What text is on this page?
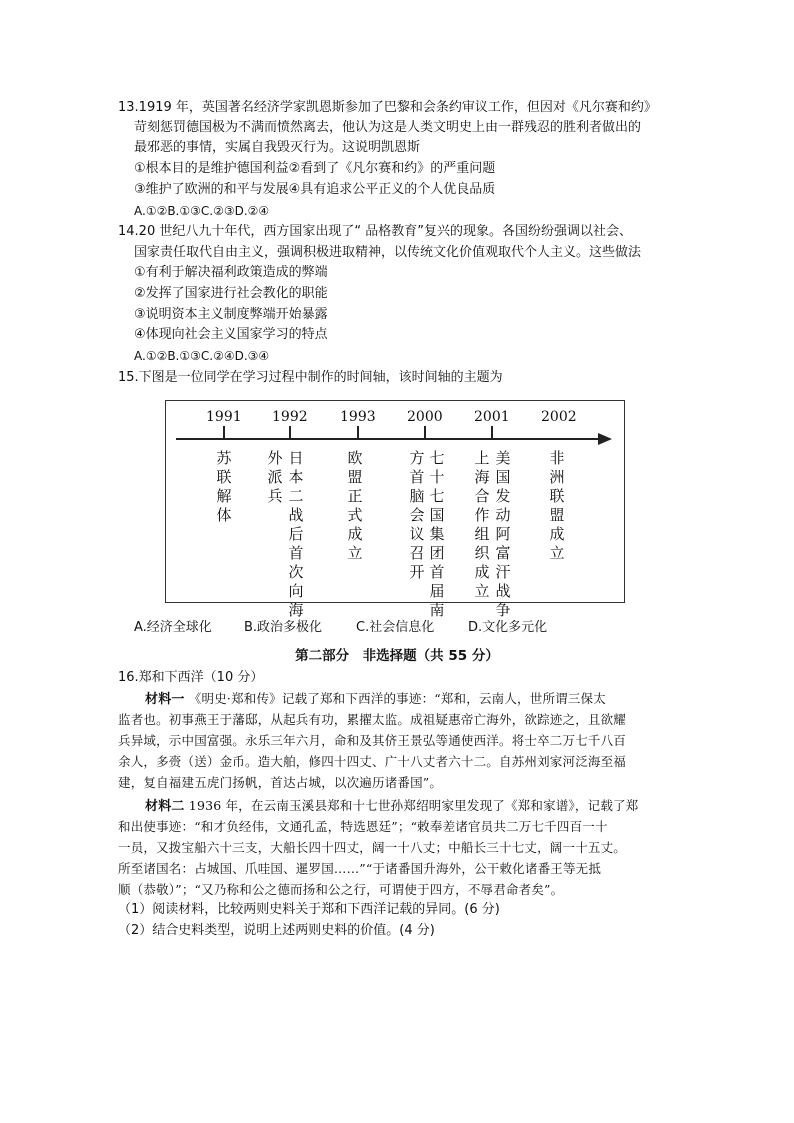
13.1919 年，英国著名经济学家凯恩斯参加了巴黎和会条约审议工作，但因对《凡尔赛和约》
苛刻惩罚德国极为不满而愤然离去，他认为这是人类文明史上由一群残忍的胜利者做出的
最邪恶的事情，实属自我毁灭行为。这说明凯恩斯
①根本目的是维护德国利益②看到了《凡尔赛和约》的严重问题
③维护了欧洲的和平与发展④具有追求公平正义的个人优良品质
A.①②B.①③C.②③D.②④
14.20 世纪八九十年代，西方国家出现了“ 品格教育”复兴的现象。各国纷纷强调以社会、
国家责任取代自由主义，强调积极进取精神，以传统文化价值观取代个人主义。这些做法
①有利于解决福利政策造成的弊端
②发挥了国家进行社会教化的职能
③说明资本主义制度弊端开始暴露
④体现向社会主义国家学习的特点
A.①②B.①③C.②④D.③④
15.下图是一位同学在学习过程中制作的时间轴，该时间轴的主题为
1991 1992 1993 2000 2001 2002
苏联解体
外派兵
日本二战后首次向海
欧盟正式成立
方首脑会议召开
七十七国集团首届南
上海合作组织成立
美国发动阿富汗战争
非洲联盟成立
A.经济全球化 B.政治多极化	C.社会信息化	D.文化多元化
第二部分　非选择题（共 55 分）
16.郑和下西洋（10 分）
材料一 《明史·郑和传》记载了郑和下西洋的事迹：“郑和，云南人，世所谓三保太
监者也。初事燕王于藩邸，从起兵有功，累擢太监。成祖疑惠帝亡海外，欲踪迹之，且欲耀
兵异域，示中国富强。永乐三年六月，命和及其侪王景弘等通使西洋。将士卒二万七千八百
余人，多赍（送）金币。造大舶，修四十四丈、广十八丈者六十二。自苏州刘家河泛海至福
建，复自福建五虎门扬帆，首达占城，以次遍历诸番国”。
材料二 1936 年，在云南玉溪县郑和十七世孙郑绍明家里发现了《郑和家谱》，记载了郑
和出使事迹：“和才负经伟，文通孔孟，特选恩廷”；“敕奉差诸官员共二万七千四百一十
一员，又拨宝船六十三支，大船长四十四丈，阔一十八丈；中船长三十七丈，阔一十五丈。
所至诸国名：占城国、爪哇国、暹罗国……”“于诸番国升海外，公干敕化诸番王等无抵
顺（恭敬）”；“又乃称和公之德而扬和公之行，可谓使于四方，不辱君命者矣”。
（1）阅读材料，比较两则史料关于郑和下西洋记载的异同。(6 分)
（2）结合史料类型，说明上述两则史料的价值。(4 分)
